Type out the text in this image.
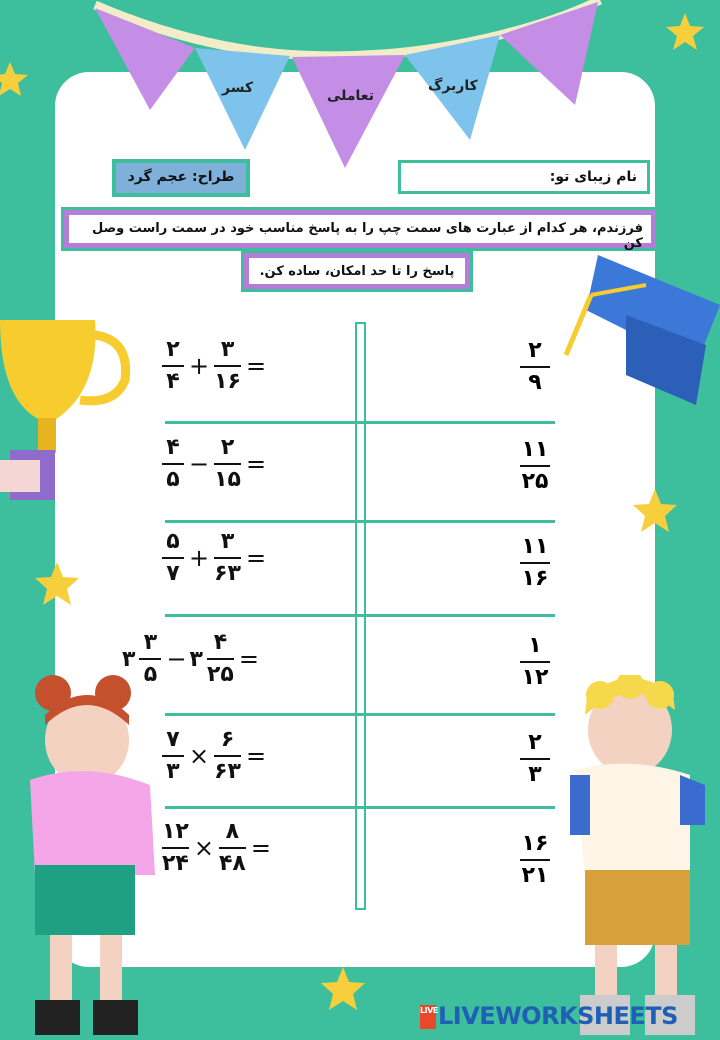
کسر	تعاملی
کاربرگ
نام زیبای تو:
طراح: عجم گرد
فرزندم، هر کدام از عبارت های سمت چپ را به پاسخ مناسب خود در سمت راست وصل کن
پاسخ را تا حد امکان، ساده کن.
$\frac{۲}{۴} + \frac{۳}{۱۶}$ =
$\frac{۴}{۵} - \frac{۲}{۱۵}$ =
$\frac{۵}{۷} + \frac{۳}{۶۳}$ =
۳ $\frac{۳}{۵}$ − ۳ $\frac{۴}{۲۵}$ =
$\frac{۷}{۳} \times \frac{۶}{۶۳}$ =
$\frac{۱۲}{۲۴} \times \frac{۸}{۴۸}$ =
$\frac{۲}{۹}$
$\frac{۱۱}{۲۵}$
$\frac{۱۱}{۱۶}$
$\frac{۱}{۱۲}$
$\frac{۲}{۳}$
$\frac{۱۶}{۲۱}$
LIVELIVEWORKSHEETS
